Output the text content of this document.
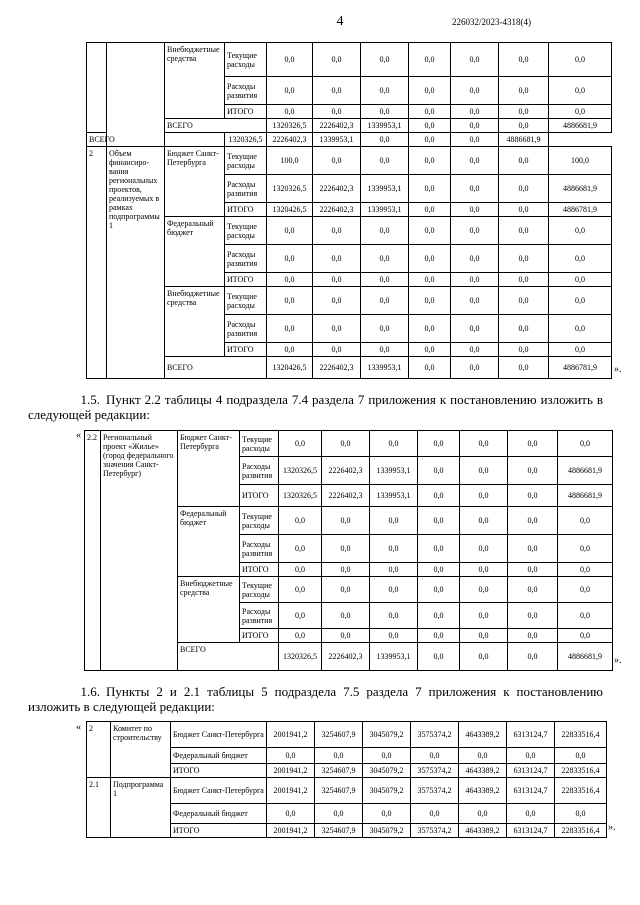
4	226032/2023-4318(4)
		Внебюджетные средства	Текущие расходы	0,0	0,0	0,0	0,0	0,0	0,0	0,0
			Расходы развития	0,0	0,0	0,0	0,0	0,0	0,0	0,0
			ИТОГО	0,0	0,0	0,0	0,0	0,0	0,0	0,0
		ВСЕГО		1320326,5	2226402,3	1339953,1	0,0	0,0	0,0	4886681,9
ВСЕГО			1320326,5	2226402,3	1339953,1	0,0	0,0	0,0	4886681,9	
2	Объем финансиро-вания региональных проектов, реализуемых в рамках подпрограммы 1	Бюджет Санкт-Петербурга	Текущие расходы	100,0	0,0	0,0	0,0	0,0	0,0	100,0
			Расходы развития	1320326,5	2226402,3	1339953,1	0,0	0,0	0,0	4886681,9
			ИТОГО	1320426,5	2226402,3	1339953,1	0,0	0,0	0,0	4886781,9
		Федеральный бюджет	Текущие расходы	0,0	0,0	0,0	0,0	0,0	0,0	0,0
			Расходы развития	0,0	0,0	0,0	0,0	0,0	0,0	0,0
			ИТОГО	0,0	0,0	0,0	0,0	0,0	0,0	0,0
		Внебюджетные средства	Текущие расходы	0,0	0,0	0,0	0,0	0,0	0,0	0,0
			Расходы развития	0,0	0,0	0,0	0,0	0,0	0,0	0,0
			ИТОГО	0,0	0,0	0,0	0,0	0,0	0,0	0,0
		ВСЕГО		1320426,5	2226402,3	1339953,1	0,0	0,0	0,0	4886781,9 ».
1.5. Пункт 2.2 таблицы 4 подраздела 7.4 раздела 7 приложения к постановлению изложить в следующей редакции:
« 2.2	Региональный проект «Жилье» (город федерального значения Санкт-Петербург)	Бюджет Санкт-Петербурга	Текущие расходы	0,0	0,0	0,0	0,0	0,0	0,0	0,0
			Расходы развития	1320326,5	2226402,3	1339953,1	0,0	0,0	0,0	4886681,9
			ИТОГО	1320326,5	2226402,3	1339953,1	0,0	0,0	0,0	4886681,9
		Федеральный бюджет	Текущие расходы	0,0	0,0	0,0	0,0	0,0	0,0	0,0
			Расходы развития	0,0	0,0	0,0	0,0	0,0	0,0	0,0
			ИТОГО	0,0	0,0	0,0	0,0	0,0	0,0	0,0
		Внебюджетные средства	Текущие расходы	0,0	0,0	0,0	0,0	0,0	0,0	0,0
			Расходы развития	0,0	0,0	0,0	0,0	0,0	0,0	0,0
			ИТОГО	0,0	0,0	0,0	0,0	0,0	0,0	0,0
		ВСЕГО		1320326,5	2226402,3	1339953,1	0,0	0,0	0,0	4886681,9 ».
1.6. Пункты 2 и 2.1 таблицы 5 подраздела 7.5 раздела 7 приложения к постановлению изложить в следующей редакции:
« 2	Комитет по строительству	Бюджет Санкт-Петербурга	2001941,2	3254607,9	3045079,2	3575374,2	4643389,2	6313124,7	22833516,4
		Федеральный бюджет	0,0	0,0	0,0	0,0	0,0	0,0	0,0
		ИТОГО	2001941,2	3254607,9	3045079,2	3575374,2	4643389,2	6313124,7	22833516,4
2.1	Подпрограмма 1	Бюджет Санкт-Петербурга	2001941,2	3254607,9	3045079,2	3575374,2	4643389,2	6313124,7	22833516,4
		Федеральный бюджет	0,0	0,0	0,0	0,0	0,0	0,0	0,0
		ИТОГО	2001941,2	3254607,9	3045079,2	3575374,2	4643389,2	6313124,7	22833516,4 ».
